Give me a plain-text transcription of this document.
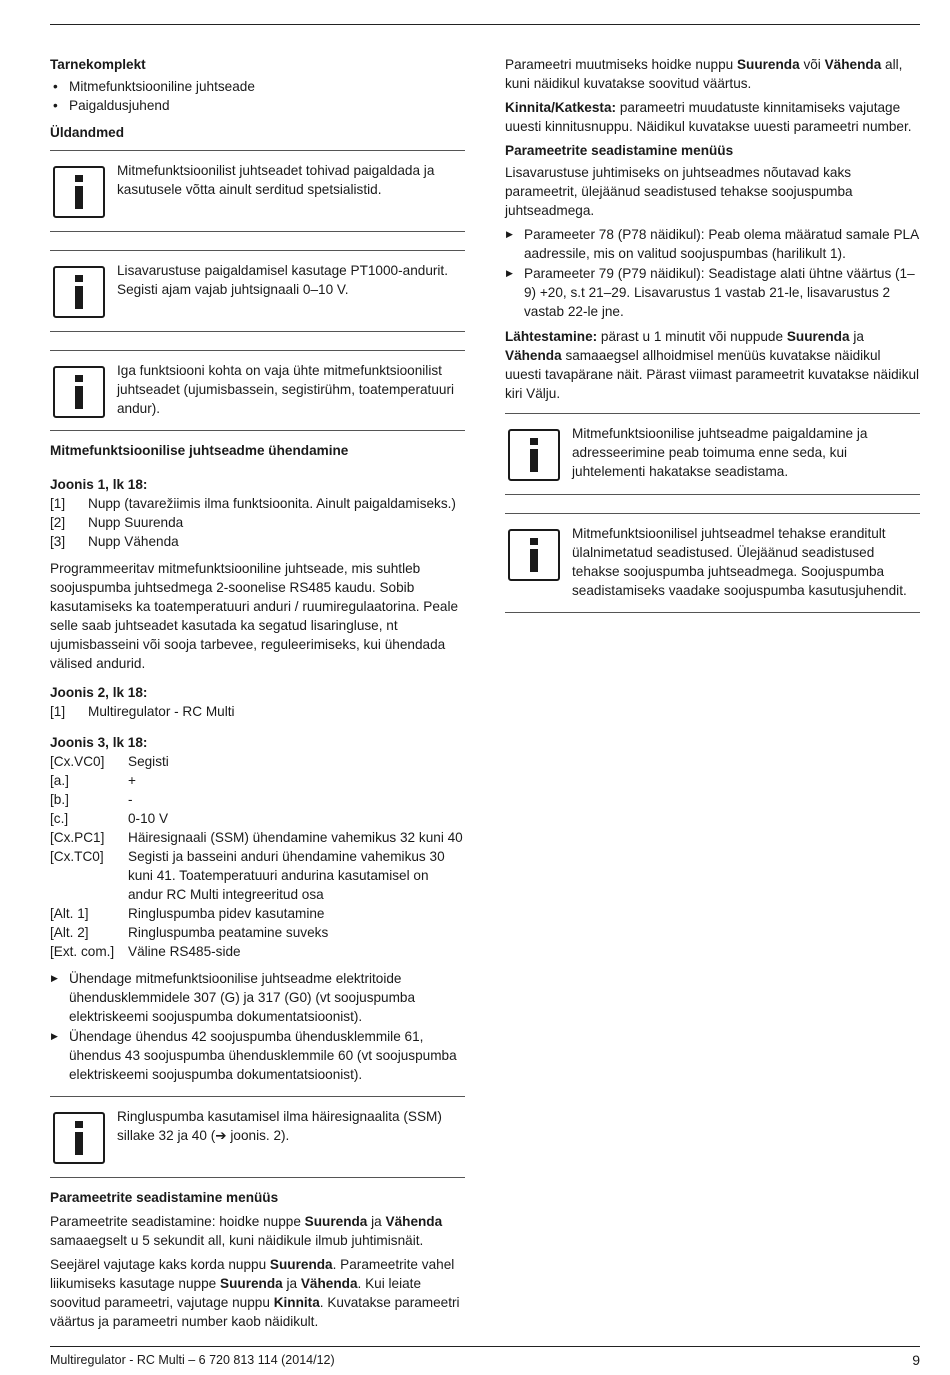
Tarnekomplekt
• Mitmefunktsiooniline juhtseade
• Paigaldusjuhend
Üldandmed
Mitmefunktsioonilist juhtseadet tohivad paigaldada ja kasutusele võtta ainult serditud spetsialistid.
Lisavarustuse paigaldamisel kasutage PT1000-andurit. Segisti ajam vajab juhtsignaali 0–10 V.
Iga funktsiooni kohta on vaja ühte mitmefunktsioonilist juhtseadet (ujumisbassein, segistirühm, toatemperatuuri andur).
Mitmefunktsioonilise juhtseadme ühendamine
Joonis 1, lk 18:
[1]	Nupp (tavarežiimis ilma funktsioonita. Ainult paigaldamiseks.)
[2]	Nupp Suurenda
[3]	Nupp Vähenda

Programmeeritav mitmefunktsiooniline juhtseade, mis suhtleb soojuspumba juhtsedmega 2-soonelise RS485 kaudu. Sobib kasutamiseks ka toatemperatuuri anduri / ruumiregulaatorina. Peale selle saab juhtseadet kasutada ka segatud lisaringluse, nt ujumisbasseini või sooja tarbevee, reguleerimiseks, kui ühendada välised andurid.

Joonis 2, lk 18:
[1]	Multiregulator - RC Multi
Joonis 3, lk 18:
[Cx.VC0]	Segisti
[a.]	+
[b.]	-
[c.]	0-10 V
[Cx.PC1]	Häiresignaali (SSM) ühendamine vahemikus 32 kuni 40
[Cx.TC0]	Segisti ja basseini anduri ühendamine vahemikus 30 kuni 41. Toatemperatuuri andurina kasutamisel on andur RC Multi integreeritud osa
[Alt. 1]	Ringluspumba pidev kasutamine
[Alt. 2]	Ringluspumba peatamine suveks
[Ext. com.]	Väline RS485-side
▶ Ühendage mitmefunktsioonilise juhtseadme elektritoide ühendusklemmidele 307 (G) ja 317 (G0) (vt soojuspumba elektriskeemi soojuspumba dokumentatsioonist).
▶ Ühendage ühendus 42 soojuspumba ühendusklemmile 61, ühendus 43 soojuspumba ühendusklemmile 60 (vt soojuspumba elektriskeemi soojuspumba dokumentatsioonist).
Ringluspumba kasutamisel ilma häiresignaalita (SSM) sillake 32 ja 40 (➔ joonis. 2).
Parameetrite seadistamine menüüs

Parameetrite seadistamine: hoidke nuppe Suurenda ja Vähenda samaaegselt u 5 sekundit all, kuni näidikule ilmub juhtimisnäit.

Seejärel vajutage kaks korda nuppu Suurenda. Parameetrite vahel liikumiseks kasutage nuppe Suurenda ja Vähenda. Kui leiate soovitud parameetri, vajutage nuppu Kinnita. Kuvatakse parameetri väärtus ja parameetri number kaob näidikult.

Parameetri muutmiseks hoidke nuppu Suurenda või Vähenda all, kuni näidikul kuvatakse soovitud väärtus.

Kinnita/Katkesta: parameetri muudatuste kinnitamiseks vajutage uuesti kinnitusnuppu. Näidikul kuvatakse uuesti parameetri number.

Parameetrite seadistamine menüüs

Lisavarustuse juhtimiseks on juhtseadmes nõutavad kaks parameetrit, ülejäänud seadistused tehakse soojuspumba juhtseadmega.

▶ Parameeter 78 (P78 näidikul): Peab olema määratud samale PLA aadressile, mis on valitud soojuspumbas (harilikult 1).
▶ Parameeter 79 (P79 näidikul): Seadistage alati ühtne väärtus (1–9) +20, s.t 21–29. Lisavarustus 1 vastab 21-le, lisavarustus 2 vastab 22-le jne.

Lähtestamine: pärast u 1 minutit või nuppude Suurenda ja Vähenda samaaegsel allhoidmisel menüüs kuvatakse näidikul uuesti tavapärane näit. Pärast viimast parameetrit kuvatakse näidikul kiri Välju.

Mitmefunktsioonilise juhtseadme paigaldamine ja adresseerimine peab toimuma enne seda, kui juhtelementi hakatakse seadistama.
Mitmefunktsioonilisel juhtseadmel tehakse eranditult ülalnimetatud seadistused. Ülejäänud seadistused tehakse soojuspumba juhtseadmega. Soojuspumba seadistamiseks vaadake soojuspumba kasutusjuhendit.
Multiregulator - RC Multi – 6 720 813 114 (2014/12)	9
